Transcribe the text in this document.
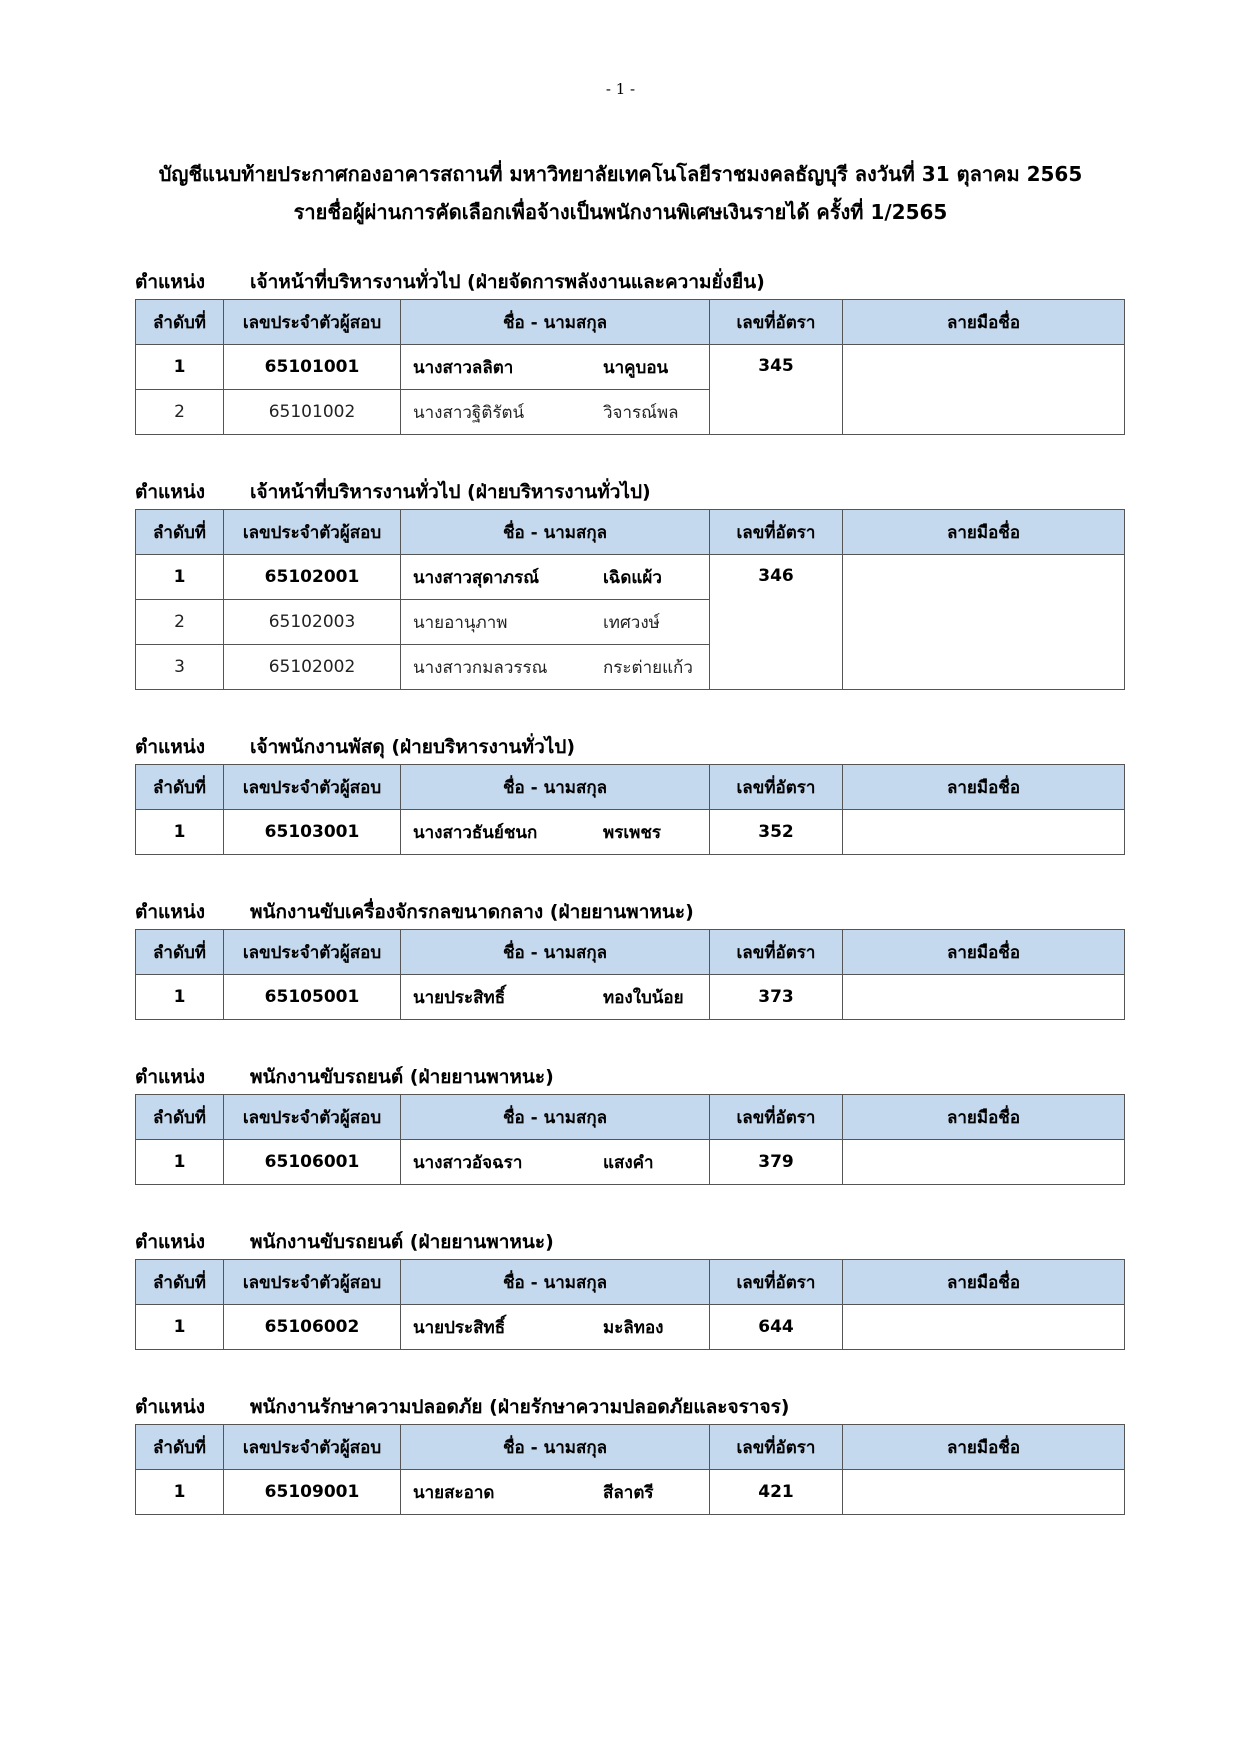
- 1 -
บัญชีแนบท้ายประกาศกองอาคารสถานที่ มหาวิทยาลัยเทคโนโลยีราชมงคลธัญบุรี ลงวันที่ 31 ตุลาคม 2565
รายชื่อผู้ผ่านการคัดเลือกเพื่อจ้างเป็นพนักงานพิเศษเงินรายได้ ครั้งที่ 1/2565
ตำแหน่ง เจ้าหน้าที่บริหารงานทั่วไป (ฝ่ายจัดการพลังงานและความยั่งยืน)
ลำดับที่	เลขประจำตัวผู้สอบ	ชื่อ - นามสกุล	เลขที่อัตรา	ลายมือชื่อ
1	65101001	นางสาวลลิตา นาคูบอน	345	
2	65101002	นางสาวฐิติรัตน์ วิจารณ์พล		
ตำแหน่ง เจ้าหน้าที่บริหารงานทั่วไป (ฝ่ายบริหารงานทั่วไป)
ลำดับที่	เลขประจำตัวผู้สอบ	ชื่อ - นามสกุล	เลขที่อัตรา	ลายมือชื่อ
1	65102001	นางสาวสุดาภรณ์ เฉิดแผ้ว	346	
2	65102003	นายอานุภาพ เทศวงษ์		
3	65102002	นางสาวกมลวรรณ กระต่ายแก้ว		
ตำแหน่ง เจ้าพนักงานพัสดุ (ฝ่ายบริหารงานทั่วไป)
ลำดับที่	เลขประจำตัวผู้สอบ	ชื่อ - นามสกุล	เลขที่อัตรา	ลายมือชื่อ
1	65103001	นางสาวธันย์ชนก พรเพชร	352	
ตำแหน่ง พนักงานขับเครื่องจักรกลขนาดกลาง (ฝ่ายยานพาหนะ)
ลำดับที่	เลขประจำตัวผู้สอบ	ชื่อ - นามสกุล	เลขที่อัตรา	ลายมือชื่อ
1	65105001	นายประสิทธิ์ ทองใบน้อย	373	
ตำแหน่ง พนักงานขับรถยนต์ (ฝ่ายยานพาหนะ)
ลำดับที่	เลขประจำตัวผู้สอบ	ชื่อ - นามสกุล	เลขที่อัตรา	ลายมือชื่อ
1	65106001	นางสาวอัจฉรา แสงคำ	379	
ตำแหน่ง พนักงานขับรถยนต์ (ฝ่ายยานพาหนะ)
ลำดับที่	เลขประจำตัวผู้สอบ	ชื่อ - นามสกุล	เลขที่อัตรา	ลายมือชื่อ
1	65106002	นายประสิทธิ์ มะลิทอง	644	
ตำแหน่ง พนักงานรักษาความปลอดภัย (ฝ่ายรักษาความปลอดภัยและจราจร)
ลำดับที่	เลขประจำตัวผู้สอบ	ชื่อ - นามสกุล	เลขที่อัตรา	ลายมือชื่อ
1	65109001	นายสะอาด สีลาตรี	421	
